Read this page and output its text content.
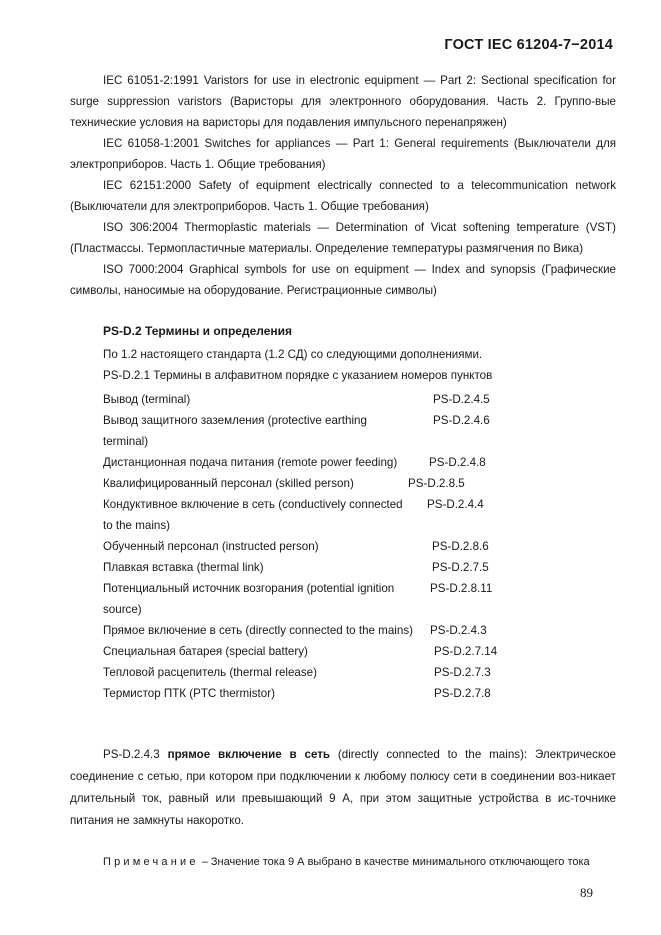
ГОСТ IEC 61204-7−2014

IEC 61051-2:1991 Varistors for use in electronic equipment — Part 2: Sectional specification for surge suppression varistors (Варисторы для электронного оборудования. Часть 2. Группо-вые технические условия на варисторы для подавления импульсного перенапряжен)

IEC 61058-1:2001 Switches for appliances — Part 1: General requirements (Выключатели для электроприборов. Часть 1. Общие требования)

IEC 62151:2000 Safety of equipment electrically connected to a telecommunication network (Выключатели для электроприборов. Часть 1. Общие требования)

ISO 306:2004 Thermoplastic materials — Determination of Vicat softening temperature (VST) (Пластмассы. Термопластичные материалы. Определение температуры размягчения по Вика)

ISO 7000:2004 Graphical symbols for use on equipment — Index and synopsis (Графические символы, наносимые на оборудование. Регистрационные символы)

PS-D.2 Термины и определения

По 1.2 настоящего стандарта (1.2 СД) со следующими дополнениями.

PS-D.2.1 Термины в алфавитном порядке с указанием номеров пунктов

Вывод (terminal)	PS-D.2.4.5
Вывод защитного заземления (protective earthing terminal)
PS-D.2.4.6
Дистанционная подача питания (remote power feeding)	PS-D.2.4.8
Квалифицированный персонал (skilled person)	PS-D.2.8.5
Кондуктивное включение в сеть (conductively connected to the mains)
PS-D.2.4.4
Обученный персонал (instructed person)	PS-D.2.8.6
Плавкая вставка (thermal link)	PS-D.2.7.5
Потенциальный источник возгорания (potential ignition source)
PS-D.2.8.11
Прямое включение в сеть (directly connected to the mains) PS-D.2.4.3
Специальная батарея (special battery)	PS-D.2.7.14
Тепловой расцепитель (thermal release)	PS-D.2.7.3
Термистор ПТК (PTC thermistor)	PS-D.2.7.8

PS-D.2.4.3 прямое включение в сеть (directly connected to the mains): Электрическое соединение с сетью, при котором при подключении к любому полюсу сети в соединении воз-никает длительный ток, равный или превышающий 9 А, при этом защитные устройства в ис-точнике питания не замкнуты накоротко.

Примечание – Значение тока 9 А выбрано в качестве минимального отключающего тока

89
